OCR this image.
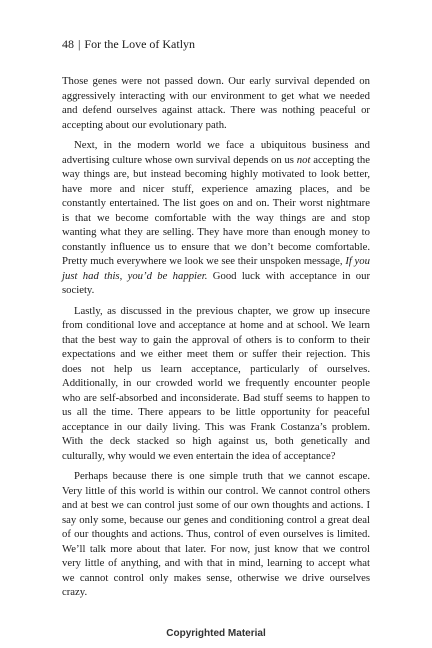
48 | For the Love of Katlyn

Those genes were not passed down. Our early survival depended on aggressively interacting with our environment to get what we needed and defend ourselves against attack. There was nothing peaceful or accepting about our evolutionary path.

Next, in the modern world we face a ubiquitous business and advertising culture whose own survival depends on us not accepting the way things are, but instead becoming highly motivated to look better, have more and nicer stuff, experience amazing places, and be constantly entertained. The list goes on and on. Their worst nightmare is that we become comfortable with the way things are and stop wanting what they are selling. They have more than enough money to constantly influence us to ensure that we don’t become comfortable. Pretty much everywhere we look we see their unspoken message, If you just had this, you’d be happier. Good luck with acceptance in our society.

Lastly, as discussed in the previous chapter, we grow up insecure from conditional love and acceptance at home and at school. We learn that the best way to gain the approval of others is to conform to their expectations and we either meet them or suffer their rejection. This does not help us learn acceptance, particularly of ourselves. Additionally, in our crowded world we frequently encounter people who are self-absorbed and inconsiderate. Bad stuff seems to happen to us all the time. There appears to be little opportunity for peaceful acceptance in our daily living. This was Frank Costanza’s problem. With the deck stacked so high against us, both genetically and culturally, why would we even entertain the idea of acceptance?

Perhaps because there is one simple truth that we cannot escape. Very little of this world is within our control. We cannot control others and at best we can control just some of our own thoughts and actions. I say only some, because our genes and conditioning control a great deal of our thoughts and actions. Thus, control of even ourselves is limited. We’ll talk more about that later. For now, just know that we control very little of anything, and with that in mind, learning to accept what we cannot control only makes sense, otherwise we drive ourselves crazy.

Copyrighted Material
